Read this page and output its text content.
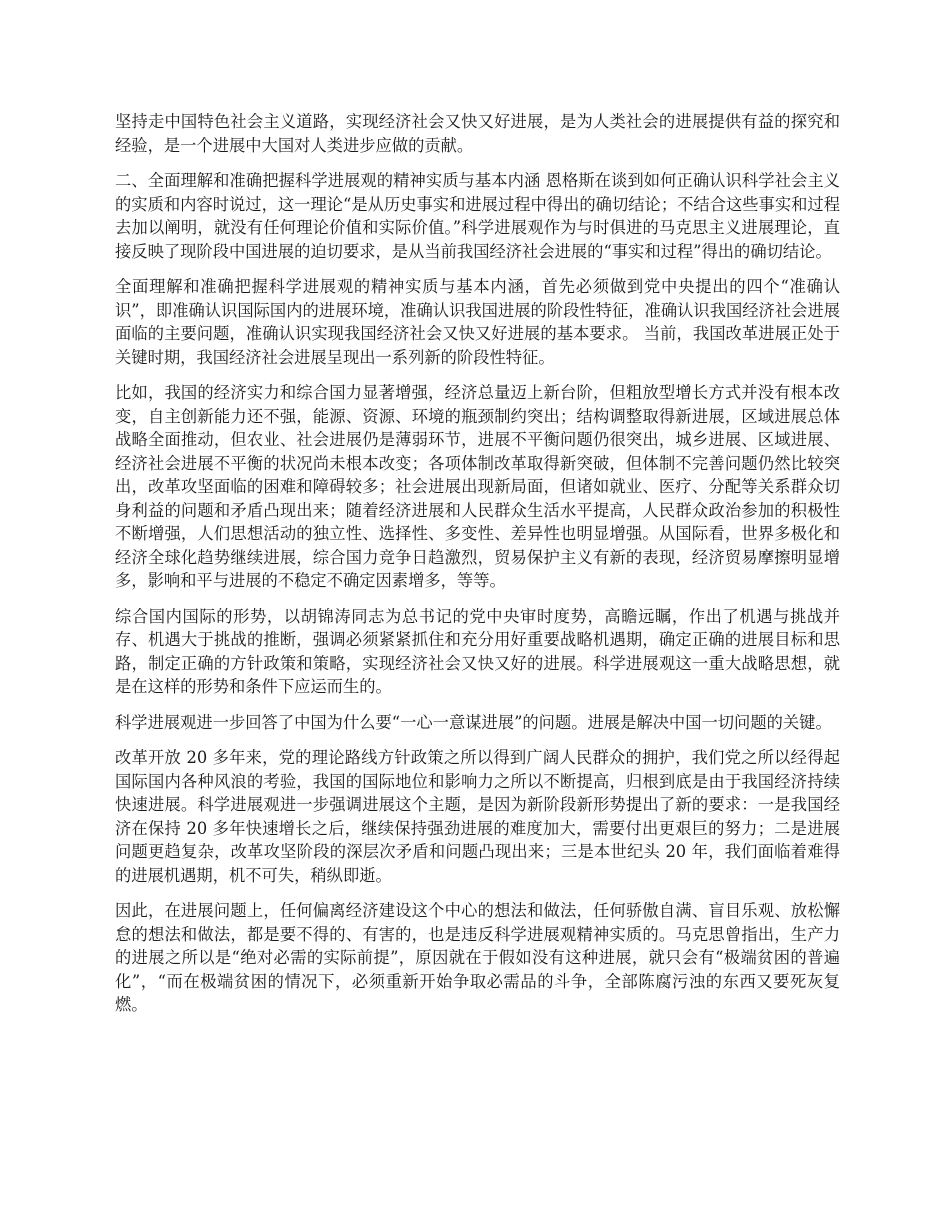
坚持走中国特色社会主义道路，实现经济社会又快又好进展，是为人类社会的进展提供有益的探究和经验，是一个进展中大国对人类进步应做的贡献。

二、全面理解和准确把握科学进展观的精神实质与基本内涵 恩格斯在谈到如何正确认识科学社会主义的实质和内容时说过，这一理论“是从历史事实和进展过程中得出的确切结论；不结合这些事实和过程去加以阐明，就没有任何理论价值和实际价值。”科学进展观作为与时俱进的马克思主义进展理论，直接反映了现阶段中国进展的迫切要求，是从当前我国经济社会进展的“事实和过程”得出的确切结论。

全面理解和准确把握科学进展观的精神实质与基本内涵，首先必须做到党中央提出的四个“准确认识”，即准确认识国际国内的进展环境，准确认识我国进展的阶段性特征，准确认识我国经济社会进展面临的主要问题，准确认识实现我国经济社会又快又好进展的基本要求。 当前，我国改革进展正处于关键时期，我国经济社会进展呈现出一系列新的阶段性特征。

比如，我国的经济实力和综合国力显著增强，经济总量迈上新台阶，但粗放型增长方式并没有根本改变，自主创新能力还不强，能源、资源、环境的瓶颈制约突出；结构调整取得新进展，区域进展总体战略全面推动，但农业、社会进展仍是薄弱环节，进展不平衡问题仍很突出，城乡进展、区域进展、经济社会进展不平衡的状况尚未根本改变；各项体制改革取得新突破，但体制不完善问题仍然比较突出，改革攻坚面临的困难和障碍较多；社会进展出现新局面，但诸如就业、医疗、分配等关系群众切身利益的问题和矛盾凸现出来；随着经济进展和人民群众生活水平提高，人民群众政治参加的积极性不断增强，人们思想活动的独立性、选择性、多变性、差异性也明显增强。从国际看，世界多极化和经济全球化趋势继续进展，综合国力竞争日趋激烈，贸易保护主义有新的表现，经济贸易摩擦明显增多，影响和平与进展的不稳定不确定因素增多，等等。

综合国内国际的形势，以胡锦涛同志为总书记的党中央审时度势，高瞻远瞩，作出了机遇与挑战并存、机遇大于挑战的推断，强调必须紧紧抓住和充分用好重要战略机遇期，确定正确的进展目标和思路，制定正确的方针政策和策略，实现经济社会又快又好的进展。科学进展观这一重大战略思想，就是在这样的形势和条件下应运而生的。

科学进展观进一步回答了中国为什么要“一心一意谋进展”的问题。进展是解决中国一切问题的关键。

改革开放 20 多年来，党的理论路线方针政策之所以得到广阔人民群众的拥护，我们党之所以经得起国际国内各种风浪的考验，我国的国际地位和影响力之所以不断提高，归根到底是由于我国经济持续快速进展。科学进展观进一步强调进展这个主题，是因为新阶段新形势提出了新的要求：一是我国经济在保持 20 多年快速增长之后，继续保持强劲进展的难度加大，需要付出更艰巨的努力；二是进展问题更趋复杂，改革攻坚阶段的深层次矛盾和问题凸现出来；三是本世纪头 20 年，我们面临着难得的进展机遇期，机不可失，稍纵即逝。

因此，在进展问题上，任何偏离经济建设这个中心的想法和做法，任何骄傲自满、盲目乐观、放松懈怠的想法和做法，都是要不得的、有害的，也是违反科学进展观精神实质的。马克思曾指出，生产力的进展之所以是“绝对必需的实际前提”，原因就在于假如没有这种进展，就只会有“极端贫困的普遍化”，“而在极端贫困的情况下，必须重新开始争取必需品的斗争，全部陈腐污浊的东西又要死灰复燃。
